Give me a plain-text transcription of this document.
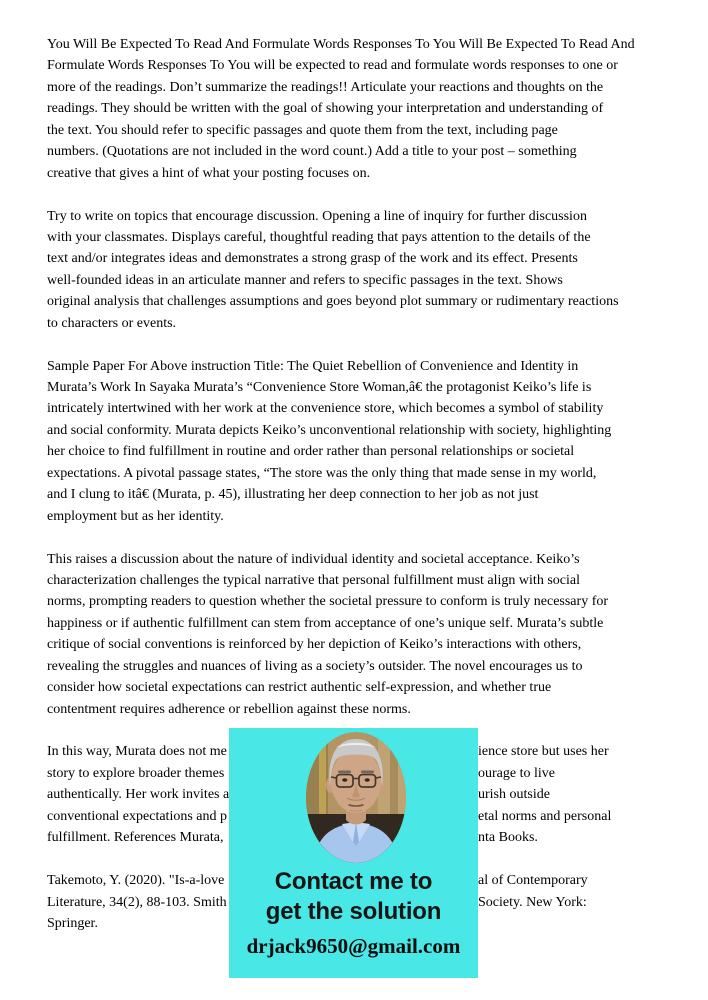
You Will Be Expected To Read And Formulate Words Responses To You Will Be Expected To Read And
Formulate Words Responses To You will be expected to read and formulate words responses to one or
more of the readings. Don’t summarize the readings!! Articulate your reactions and thoughts on the
readings. They should be written with the goal of showing your interpretation and understanding of
the text. You should refer to specific passages and quote them from the text, including page
numbers. (Quotations are not included in the word count.) Add a title to your post – something
creative that gives a hint of what your posting focuses on.
Try to write on topics that encourage discussion. Opening a line of inquiry for further discussion
with your classmates. Displays careful, thoughtful reading that pays attention to the details of the
text and/or integrates ideas and demonstrates a strong grasp of the work and its effect. Presents
well-founded ideas in an articulate manner and refers to specific passages in the text. Shows
original analysis that challenges assumptions and goes beyond plot summary or rudimentary reactions
to characters or events.
Sample Paper For Above instruction Title: The Quiet Rebellion of Convenience and Identity in
Murata’s Work In Sayaka Murata’s “Convenience Store Woman,â€ the protagonist Keiko’s life is
intricately intertwined with her work at the convenience store, which becomes a symbol of stability
and social conformity. Murata depicts Keiko’s unconventional relationship with society, highlighting
her choice to find fulfillment in routine and order rather than personal relationships or societal
expectations. A pivotal passage states, “The store was the only thing that made sense in my world,
and I clung to itâ€ (Murata, p. 45), illustrating her deep connection to her job as not just
employment but as her identity.
This raises a discussion about the nature of individual identity and societal acceptance. Keiko’s
characterization challenges the typical narrative that personal fulfillment must align with social
norms, prompting readers to question whether the societal pressure to conform is truly necessary for
happiness or if authentic fulfillment can stem from acceptance of one’s unique self. Murata’s subtle
critique of social conventions is reinforced by her depiction of Keiko’s interactions with others,
revealing the struggles and nuances of living as a society’s outsider. The novel encourages us to
consider how societal expectations can restrict authentic self-expression, and whether true
contentment requires adherence or rebellion against these norms.
In this way, Murata does not me	ience store but uses her
story to explore broader themes	ourage to live
authentically. Her work invites a	urish outside
conventional expectations and p	etal norms and personal
fulfillment. References Murata,	nta Books.
Takemoto, Y. (2020). "Is-a-love	al of Contemporary
Literature, 34(2), 88-103. Smith	Society. New York:
Springer.
Contact me to
get the solution
drjack9650@gmail.com
